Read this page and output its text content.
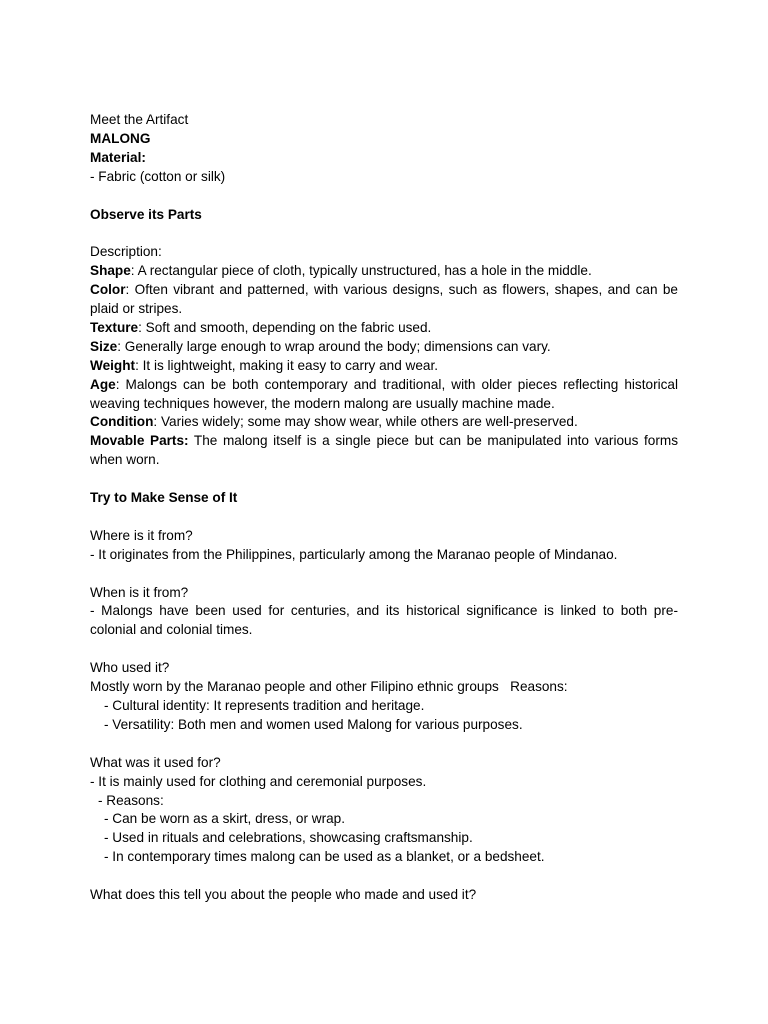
Meet the Artifact
MALONG
Material:
- Fabric (cotton or silk)
Observe its Parts
Description:
Shape: A rectangular piece of cloth, typically unstructured, has a hole in the middle.
Color: Often vibrant and patterned, with various designs, such as flowers, shapes, and can be plaid or stripes.
Texture: Soft and smooth, depending on the fabric used.
Size: Generally large enough to wrap around the body; dimensions can vary.
Weight: It is lightweight, making it easy to carry and wear.
Age: Malongs can be both contemporary and traditional, with older pieces reflecting historical weaving techniques however, the modern malong are usually machine made.
Condition: Varies widely; some may show wear, while others are well-preserved.
Movable Parts: The malong itself is a single piece but can be manipulated into various forms when worn.
Try to Make Sense of It
Where is it from?
- It originates from the Philippines, particularly among the Maranao people of Mindanao.
When is it from?
- Malongs have been used for centuries, and its historical significance is linked to both pre-colonial and colonial times.
Who used it?
Mostly worn by the Maranao people and other Filipino ethnic groups   Reasons:
- Cultural identity: It represents tradition and heritage.
- Versatility: Both men and women used Malong for various purposes.
What was it used for?
- It is mainly used for clothing and ceremonial purposes.
- Reasons:
- Can be worn as a skirt, dress, or wrap.
- Used in rituals and celebrations, showcasing craftsmanship.
- In contemporary times malong can be used as a blanket, or a bedsheet.
What does this tell you about the people who made and used it?
